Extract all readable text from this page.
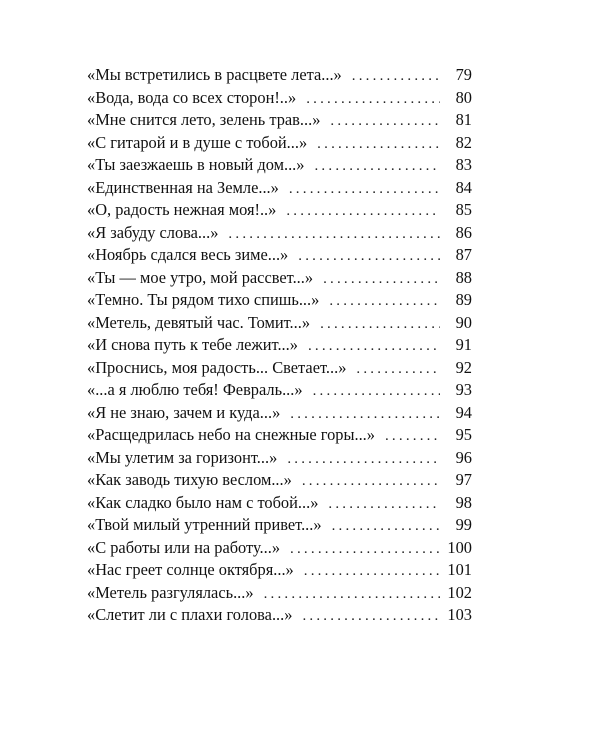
«Мы встретились в расцвете лета...» .....	79
«Вода, вода со всех сторон!..» .....	80
«Мне снится лето, зелень трав...» .....	81
«С гитарой и в душе с тобой...» .....	82
«Ты заезжаешь в новый дом...» .....	83
«Единственная на Земле...» .....	84
«О, радость нежная моя!..» .....	85
«Я забуду слова...» .....	86
«Ноябрь сдался весь зиме...» .....	87
«Ты — мое утро, мой рассвет...» .....	88
«Темно. Ты рядом тихо спишь...» .....	89
«Метель, девятый час. Томит...» .....	90
«И снова путь к тебе лежит...» .....	91
«Проснись, моя радость... Светает...» .....	92
«...а я люблю тебя! Февраль...» .....	93
«Я не знаю, зачем и куда...» .....	94
«Расщедрилась небо на снежные горы...» .....	95
«Мы улетим за горизонт...» .....	96
«Как заводь тихую веслом...» .....	97
«Как сладко было нам с тобой...» .....	98
«Твой милый утренний привет...» .....	99
«С работы или на работу...» .....	100
«Нас греет солнце октября...» .....	101
«Метель разгулялась...» .....	102
«Слетит ли с плахи голова...» .....	103
